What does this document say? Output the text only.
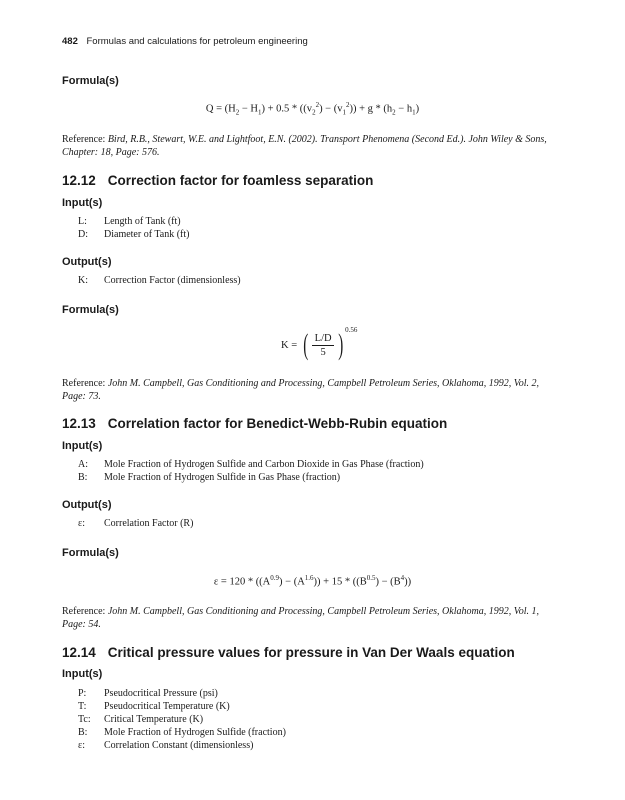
482 Formulas and calculations for petroleum engineering
Formula(s)
$Q = (H_2 - H_1) + 0.5 * ((v_2^2) - (v_1^2)) + g * (h_2 - h_1)$
Reference: Bird, R.B., Stewart, W.E. and Lightfoot, E.N. (2002). Transport Phenomena (Second Ed.). John Wiley & Sons, Chapter: 18, Page: 576.
12.12 Correction factor for foamless separation
Input(s)
L: Length of Tank (ft)
D: Diameter of Tank (ft)
Output(s)
K: Correction Factor (dimensionless)
Formula(s)
K = ( L/D
5 ) 0.56
Reference: John M. Campbell, Gas Conditioning and Processing, Campbell Petroleum Series, Oklahoma, 1992, Vol. 2, Page: 73.
12.13 Correlation factor for Benedict-Webb-Rubin equation
Input(s)
A: Mole Fraction of Hydrogen Sulfide and Carbon Dioxide in Gas Phase (fraction)
B: Mole Fraction of Hydrogen Sulfide in Gas Phase (fraction)
Output(s)
ε: Correlation Factor (R)
Formula(s)
$\varepsilon = 120 * ((A^{0.9}) - (A^{1.6})) + 15 * ((B^{0.5}) - (B^4))$
Reference: John M. Campbell, Gas Conditioning and Processing, Campbell Petroleum Series, Oklahoma, 1992, Vol. 1, Page: 54.
12.14 Critical pressure values for pressure in Van Der Waals equation
Input(s)
P: Pseudocritical Pressure (psi)
T: Pseudocritical Temperature (K)
Tc: Critical Temperature (K)
B: Mole Fraction of Hydrogen Sulfide (fraction)
ε: Correlation Constant (dimensionless)
